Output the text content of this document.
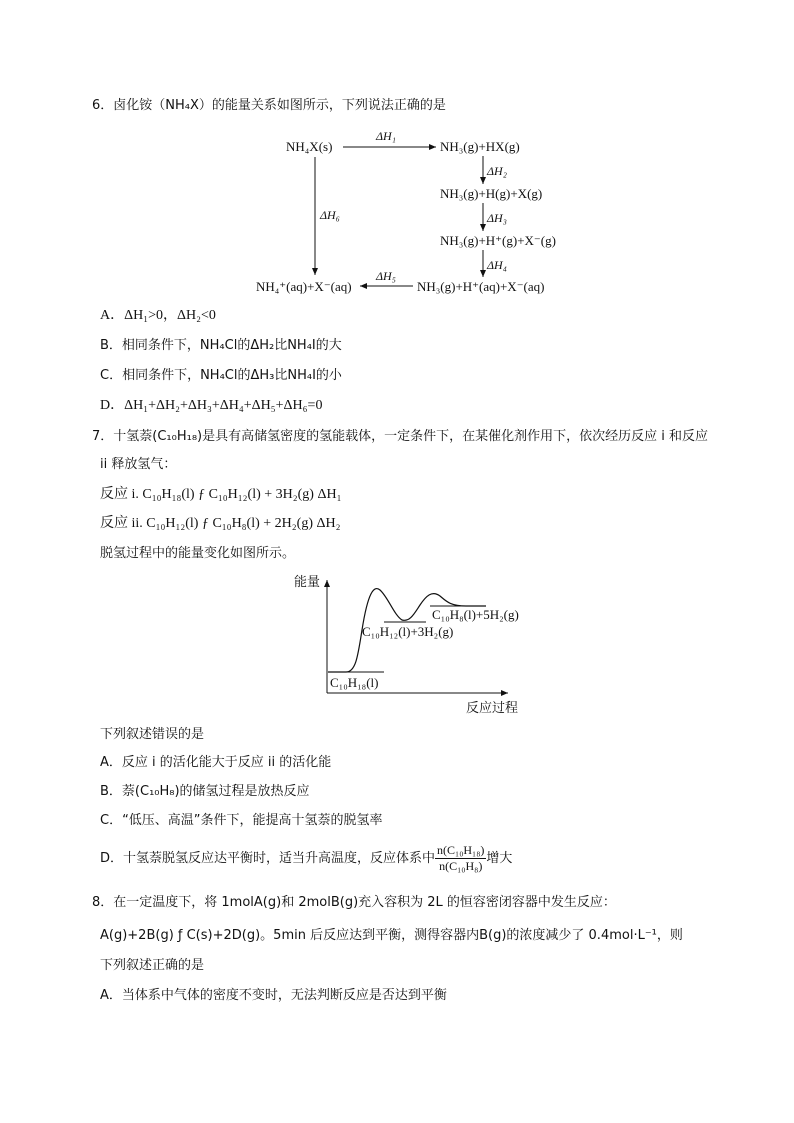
6．卤化铵（NH₄X）的能量关系如图所示，下列说法正确的是
NH₄X(s)
ΔH₁
NH₃(g)+HX(g)
ΔH₂
NH₃(g)+H(g)+X(g)
ΔH₃
NH₃(g)+H⁺(g)+X⁻(g)
ΔH₄
NH₃(g)+H⁺(aq)+X⁻(aq)
ΔH₅
NH₄⁺(aq)+X⁻(aq)
ΔH₆
A．ΔH₁>0，ΔH₂<0
B．相同条件下，NH₄Cl的ΔH₂比NH₄I的大
C．相同条件下，NH₄Cl的ΔH₃比NH₄I的小
D．ΔH₁+ΔH₂+ΔH₃+ΔH₄+ΔH₅+ΔH₆=0
7．十氢萘(C₁₀H₁₈)是具有高储氢密度的氢能载体，一定条件下，在某催化剂作用下，依次经历反应 i 和反应
ii 释放氢气：
反应 i. C₁₀H₁₈(l) ƒ C₁₀H₁₂(l) + 3H₂(g) ΔH₁
反应 ii. C₁₀H₁₂(l) ƒ C₁₀H₈(l) + 2H₂(g) ΔH₂
脱氢过程中的能量变化如图所示。
能量
反应过程
C₁₀H₁₈(l)
C₁₀H₁₂(l)+3H₂(g)
C₁₀H₈(l)+5H₂(g)
下列叙述错误的是
A．反应 i 的活化能大于反应 ii 的活化能
B．萘(C₁₀H₈)的储氢过程是放热反应
C．“低压、高温”条件下，能提高十氢萘的脱氢率
D．十氢萘脱氢反应达平衡时，适当升高温度，反应体系中 $\frac{\text{n(C₁₀H₁₈)}}{\text{n(C₁₀H₈)}}$ 增大
8．在一定温度下，将 1molA(g)和 2molB(g)充入容积为 2L 的恒容密闭容器中发生反应：
A(g)+2B(g) ƒ C(s)+2D(g)。5min 后反应达到平衡，测得容器内B(g)的浓度减少了 0.4mol·L⁻¹，则
下列叙述正确的是
A．当体系中气体的密度不变时，无法判断反应是否达到平衡
